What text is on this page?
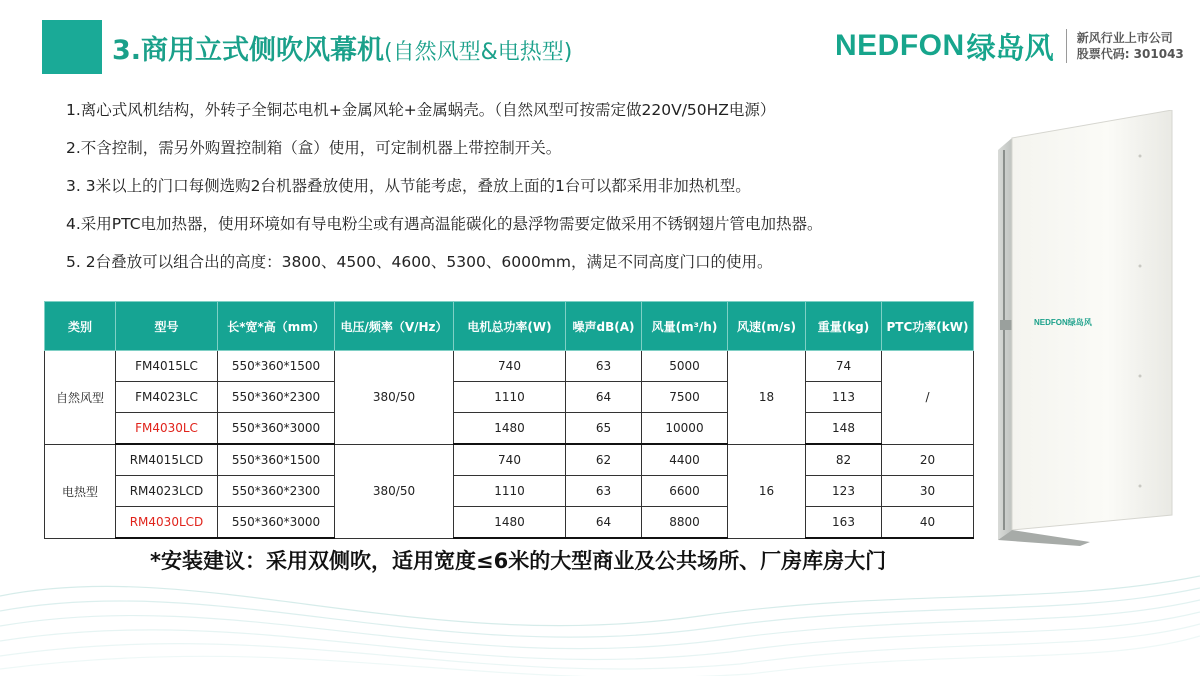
3.商用立式侧吹风幕机(自然风型&电热型)	NEDFON 绿岛风 新风行业上市公司
股票代码: 301043
1.离心式风机结构，外转子全铜芯电机+金属风轮+金属蜗壳。（自然风型可按需定做220V/50HZ电源）
2.不含控制，需另外购置控制箱（盒）使用，可定制机器上带控制开关。
3. 3米以上的门口每侧选购2台机器叠放使用，从节能考虑，叠放上面的1台可以都采用非加热机型。
4.采用PTC电加热器，使用环境如有导电粉尘或有遇高温能碳化的悬浮物需要定做采用不锈钢翅片管电加热器。
5. 2台叠放可以组合出的高度：3800、4500、4600、5300、6000mm，满足不同高度门口的使用。
类别	型号	长*宽*高（mm）	电压/频率（V/Hz）	电机总功率(W)	噪声dB(A)	风量(m³/h)	风速(m/s)	重量(kg)	PTC功率(kW)
自然风型	FM4015LC	550*360*1500	380/50	740	63	5000	18	74	/
	FM4023LC	550*360*2300		1110	64	7500		113	
	FM4030LC	550*360*3000		1480	65	10000		148	
电热型	RM4015LCD	550*360*1500	380/50	740	62	4400	16	82	20
	RM4023LCD	550*360*2300		1110	63	6600		123	30
	RM4030LCD	550*360*3000		1480	64	8800		163	40
*安装建议：采用双侧吹，适用宽度≤6米的大型商业及公共场所、厂房库房大门
NEDFON绿岛风
